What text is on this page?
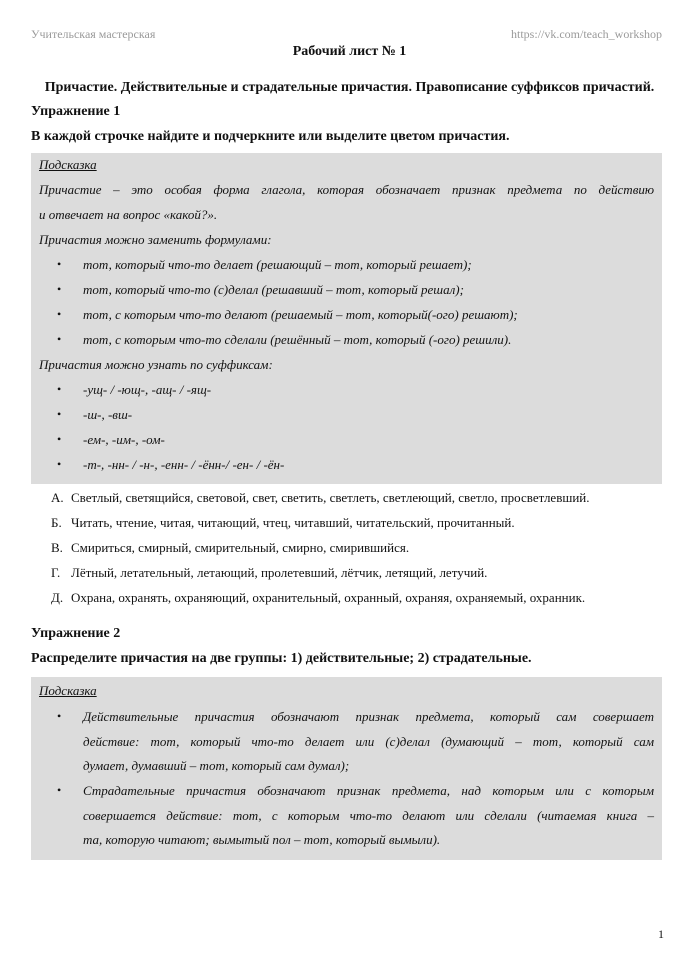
Учительская мастерская	https://vk.com/teach_workshop
Рабочий лист № 1
Причастие. Действительные и страдательные причастия. Правописание суффиксов причастий.
Упражнение 1
В каждой строчке найдите и подчеркните или выделите цветом причастия.
Подсказка
Причастие – это особая форма глагола, которая обозначает признак предмета по действию
и отвечает на вопрос «какой?».
Причастия можно заменить формулами:
• тот, который что-то делает (решающий – тот, который решает);
• тот, который что-то (с)делал (решавший – тот, который решал);
• тот, с которым что-то делают (решаемый – тот, который(-ого) решают);
• тот, с которым что-то сделали (решённый – тот, который (-ого) решили).
Причастия можно узнать по суффиксам:
• -ущ- / -ющ-, -ащ- / -ящ-
• -ш-, -вш-
• -ем-, -им-, -ом-
• -т-, -нн- / -н-, -енн- / -ённ-/ -ен- / -ён-
А. Светлый, светящийся, световой, свет, светить, светлеть, светлеющий, светло, просветлевший.
Б. Читать, чтение, читая, читающий, чтец, читавший, читательский, прочитанный.
В. Смириться, смирный, смирительный, смирно, смирившийся.
Г. Лётный, летательный, летающий, пролетевший, лётчик, летящий, летучий.
Д. Охрана, охранять, охраняющий, охранительный, охранный, охраняя, охраняемый, охранник.
Упражнение 2
Распределите причастия на две группы: 1) действительные; 2) страдательные.
Подсказка
• Действительные причастия обозначают признак предмета, который сам совершает
действие: тот, который что-то делает или (с)делал (думающий – тот, который сам
думает, думавший – тот, который сам думал);
• Страдательные причастия обозначают признак предмета, над которым или с которым
совершается действие: тот, с которым что-то делают или сделали (читаемая книга –
та, которую читают; вымытый пол – тот, который вымыли).
1
